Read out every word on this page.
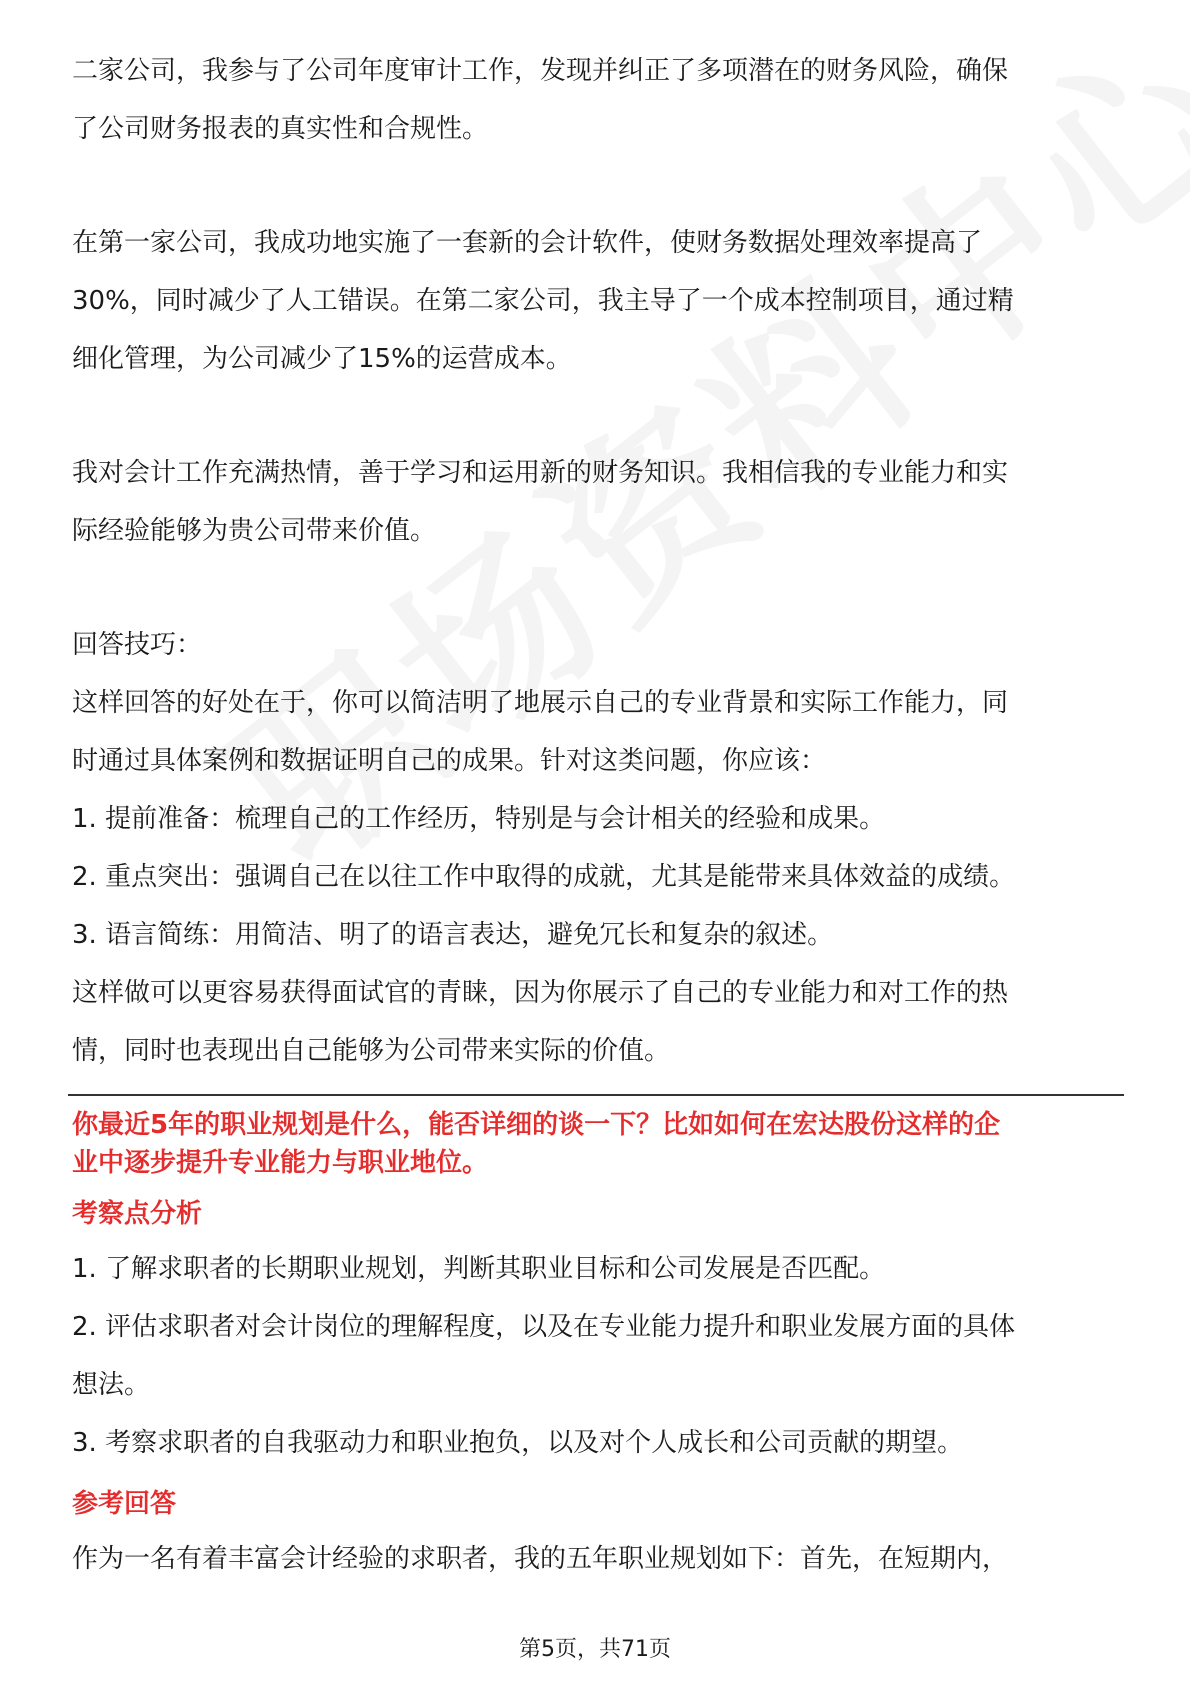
二家公司，我参与了公司年度审计工作，发现并纠正了多项潜在的财务风险，确保

了公司财务报表的真实性和合规性。

在第一家公司，我成功地实施了一套新的会计软件，使财务数据处理效率提高了

30%，同时减少了人工错误。在第二家公司，我主导了一个成本控制项目，通过精

细化管理，为公司减少了15%的运营成本。

我对会计工作充满热情，善于学习和运用新的财务知识。我相信我的专业能力和实

际经验能够为贵公司带来价值。

回答技巧：

这样回答的好处在于，你可以简洁明了地展示自己的专业背景和实际工作能力，同

时通过具体案例和数据证明自己的成果。针对这类问题，你应该：

1. 提前准备：梳理自己的工作经历，特别是与会计相关的经验和成果。

2. 重点突出：强调自己在以往工作中取得的成就，尤其是能带来具体效益的成绩。

3. 语言简练：用简洁、明了的语言表达，避免冗长和复杂的叙述。

这样做可以更容易获得面试官的青睐，因为你展示了自己的专业能力和对工作的热

情，同时也表现出自己能够为公司带来实际的价值。

你最近5年的职业规划是什么，能否详细的谈一下？比如如何在宏达股份这样的企
业中逐步提升专业能力与职业地位。
考察点分析

1. 了解求职者的长期职业规划，判断其职业目标和公司发展是否匹配。

2. 评估求职者对会计岗位的理解程度，以及在专业能力提升和职业发展方面的具体

想法。

3. 考察求职者的自我驱动力和职业抱负，以及对个人成长和公司贡献的期望。

参考回答

作为一名有着丰富会计经验的求职者，我的五年职业规划如下：首先，在短期内，

第5页，共71页
